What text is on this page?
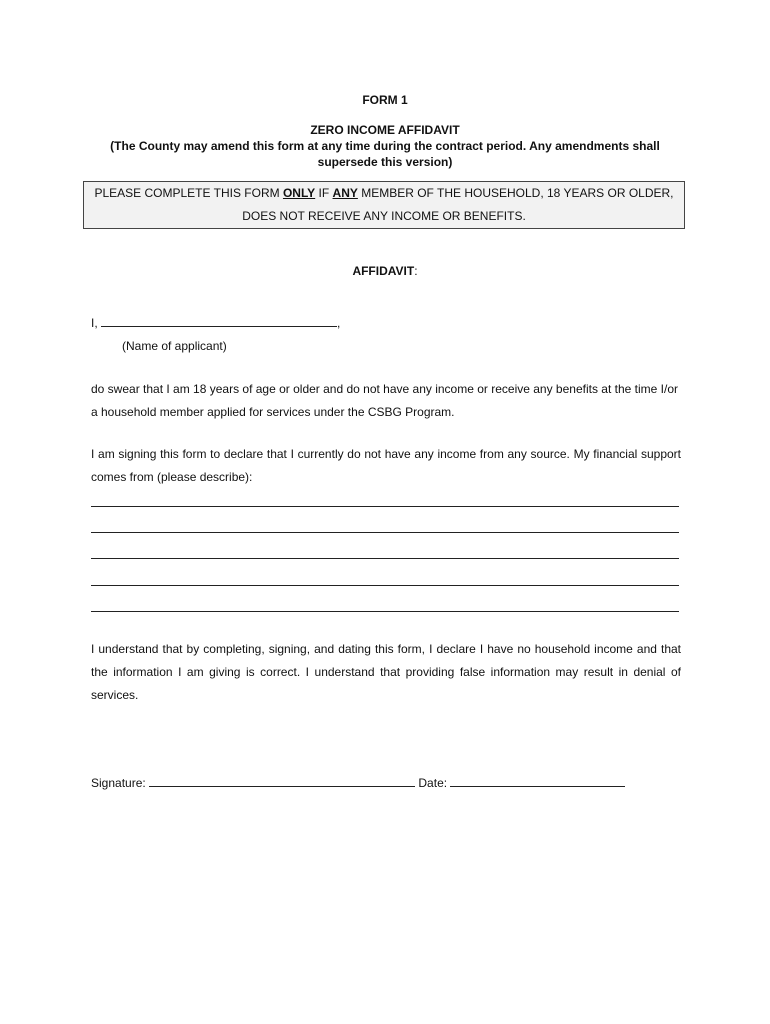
FORM 1
ZERO INCOME AFFIDAVIT
(The County may amend this form at any time during the contract period. Any amendments shall supersede this version)
PLEASE COMPLETE THIS FORM ONLY IF ANY MEMBER OF THE HOUSEHOLD, 18 YEARS OR OLDER, DOES NOT RECEIVE ANY INCOME OR BENEFITS.
AFFIDAVIT:
I,	,
(Name of applicant)
do swear that I am 18 years of age or older and do not have any income or receive any benefits at the time I/or a household member applied for services under the CSBG Program.
I am signing this form to declare that I currently do not have any income from any source. My financial support comes from (please describe):
I understand that by completing, signing, and dating this form, I declare I have no household income and that the information I am giving is correct. I understand that providing false information may result in denial of services.
Signature:	Date:
